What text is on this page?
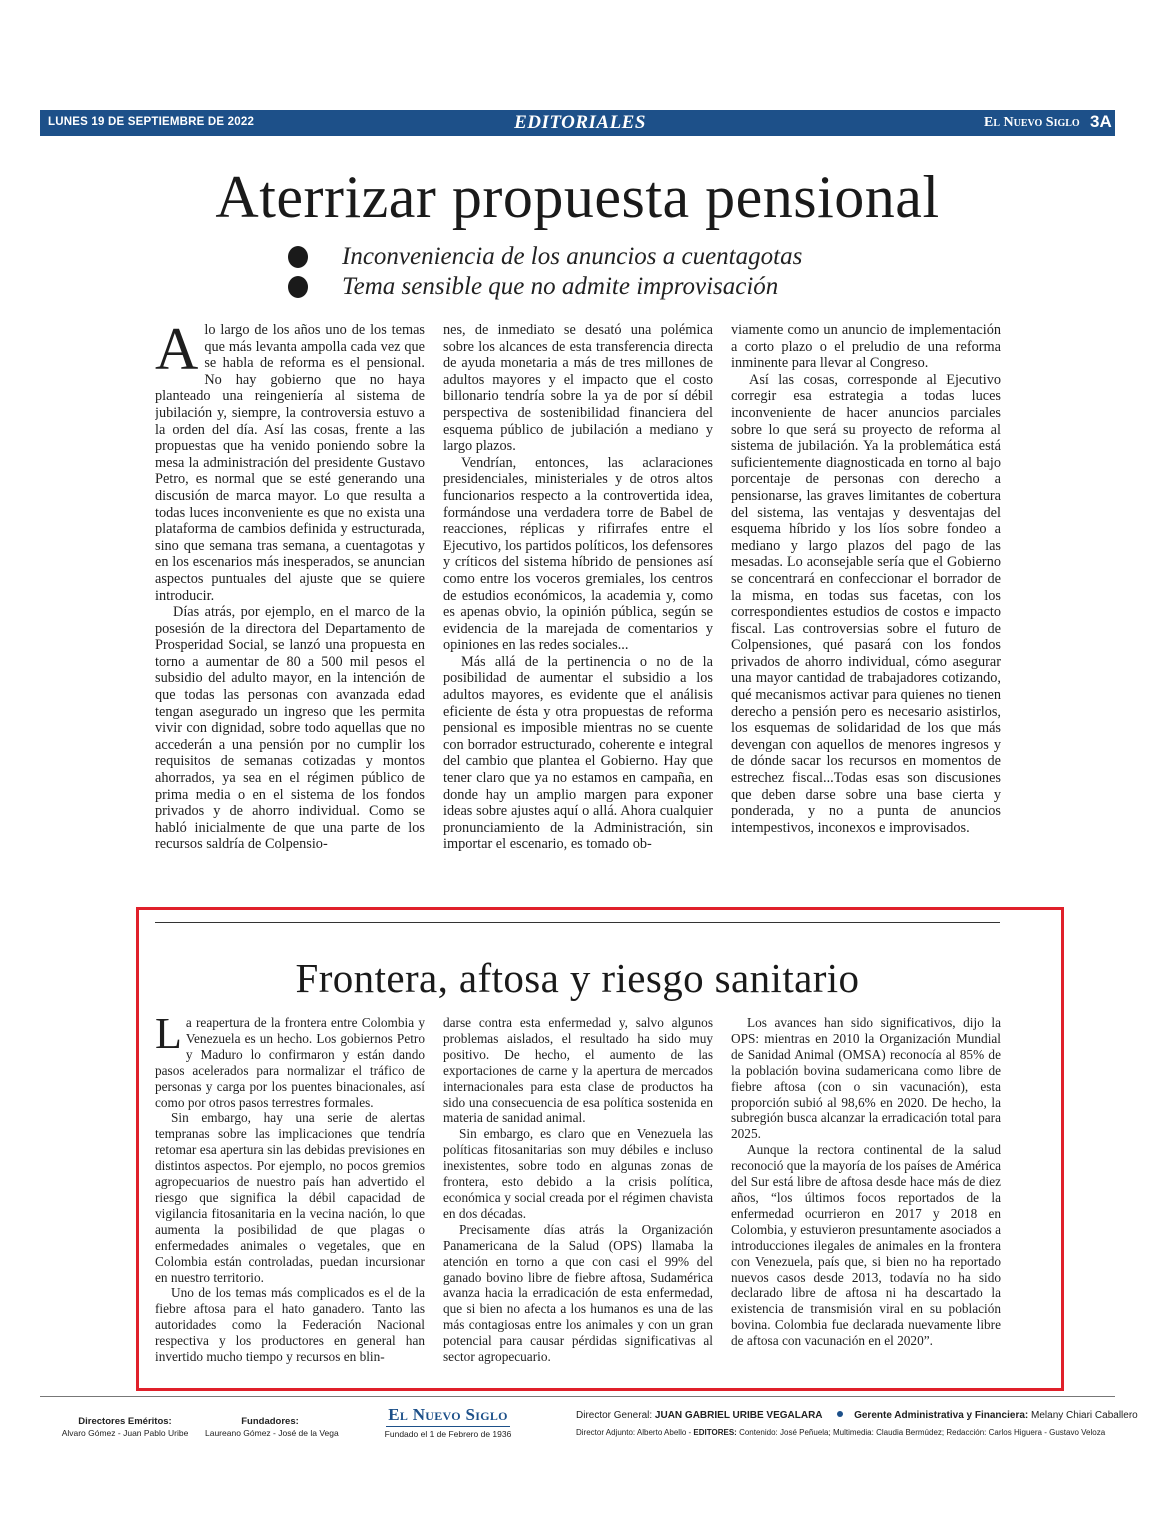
LUNES 19 DE SEPTIEMBRE DE 2022	EDITORIALES	El Nuevo Siglo 3A
Aterrizar propuesta pensional
Inconveniencia de los anuncios a cuentagotas
Tema sensible que no admite improvisación

Alo largo de los años uno de los temas que más levanta ampolla cada vez que se habla de reforma es el pensional. No hay gobierno que no haya planteado una reingeniería al sistema de jubilación y, siempre, la controversia estuvo a la orden del día. Así las cosas, frente a las propuestas que ha venido poniendo sobre la mesa la administración del presidente Gustavo Petro, es normal que se esté generando una discusión de marca mayor. Lo que resulta a todas luces inconveniente es que no exista una plataforma de cambios definida y estructurada, sino que semana tras semana, a cuentagotas y en los escenarios más inesperados, se anuncian aspectos puntuales del ajuste que se quiere introducir.

Días atrás, por ejemplo, en el marco de la posesión de la directora del Departamento de Prosperidad Social, se lanzó una propuesta en torno a aumentar de 80 a 500 mil pesos el subsidio del adulto mayor, en la intención de que todas las personas con avanzada edad tengan asegurado un ingreso que les permita vivir con dignidad, sobre todo aquellas que no accederán a una pensión por no cumplir los requisitos de semanas cotizadas y montos ahorrados, ya sea en el régimen público de prima media o en el sistema de los fondos privados y de ahorro individual. Como se habló inicialmente de que una parte de los recursos saldría de Colpensio-

nes, de inmediato se desató una polémica sobre los alcances de esta transferencia directa de ayuda monetaria a más de tres millones de adultos mayores y el impacto que el costo billonario tendría sobre la ya de por sí débil perspectiva de sostenibilidad financiera del esquema público de jubilación a mediano y largo plazos.

Vendrían, entonces, las aclaraciones presidenciales, ministeriales y de otros altos funcionarios respecto a la controvertida idea, formándose una verdadera torre de Babel de reacciones, réplicas y rifirrafes entre el Ejecutivo, los partidos políticos, los defensores y críticos del sistema híbrido de pensiones así como entre los voceros gremiales, los centros de estudios económicos, la academia y, como es apenas obvio, la opinión pública, según se evidencia de la marejada de comentarios y opiniones en las redes sociales...

Más allá de la pertinencia o no de la posibilidad de aumentar el subsidio a los adultos mayores, es evidente que el análisis eficiente de ésta y otra propuestas de reforma pensional es imposible mientras no se cuente con borrador estructurado, coherente e integral del cambio que plantea el Gobierno. Hay que tener claro que ya no estamos en campaña, en donde hay un amplio margen para exponer ideas sobre ajustes aquí o allá. Ahora cualquier pronunciamiento de la Administración, sin importar el escenario, es tomado ob-

viamente como un anuncio de implementación a corto plazo o el preludio de una reforma inminente para llevar al Congreso.

Así las cosas, corresponde al Ejecutivo corregir esa estrategia a todas luces inconveniente de hacer anuncios parciales sobre lo que será su proyecto de reforma al sistema de jubilación. Ya la problemática está suficientemente diagnosticada en torno al bajo porcentaje de personas con derecho a pensionarse, las graves limitantes de cobertura del sistema, las ventajas y desventajas del esquema híbrido y los líos sobre fondeo a mediano y largo plazos del pago de las mesadas. Lo aconsejable sería que el Gobierno se concentrará en confeccionar el borrador de la misma, en todas sus facetas, con los correspondientes estudios de costos e impacto fiscal. Las controversias sobre el futuro de Colpensiones, qué pasará con los fondos privados de ahorro individual, cómo asegurar una mayor cantidad de trabajadores cotizando, qué mecanismos activar para quienes no tienen derecho a pensión pero es necesario asistirlos, los esquemas de solidaridad de los que más devengan con aquellos de menores ingresos y de dónde sacar los recursos en momentos de estrechez fiscal...Todas esas son discusiones que deben darse sobre una base cierta y ponderada, y no a punta de anuncios intempestivos, inconexos e improvisados.

Frontera, aftosa y riesgo sanitario

La reapertura de la frontera entre Colombia y Venezuela es un hecho. Los gobiernos Petro y Maduro lo confirmaron y están dando pasos acelerados para normalizar el tráfico de personas y carga por los puentes binacionales, así como por otros pasos terrestres formales.

Sin embargo, hay una serie de alertas tempranas sobre las implicaciones que tendría retomar esa apertura sin las debidas previsiones en distintos aspectos. Por ejemplo, no pocos gremios agropecuarios de nuestro país han advertido el riesgo que significa la débil capacidad de vigilancia fitosanitaria en la vecina nación, lo que aumenta la posibilidad de que plagas o enfermedades animales o vegetales, que en Colombia están controladas, puedan incursionar en nuestro territorio.

Uno de los temas más complicados es el de la fiebre aftosa para el hato ganadero. Tanto las autoridades como la Federación Nacional respectiva y los productores en general han invertido mucho tiempo y recursos en blin-

darse contra esta enfermedad y, salvo algunos problemas aislados, el resultado ha sido muy positivo. De hecho, el aumento de las exportaciones de carne y la apertura de mercados internacionales para esta clase de productos ha sido una consecuencia de esa política sostenida en materia de sanidad animal.

Sin embargo, es claro que en Venezuela las políticas fitosanitarias son muy débiles e incluso inexistentes, sobre todo en algunas zonas de frontera, esto debido a la crisis política, económica y social creada por el régimen chavista en dos décadas.

Precisamente días atrás la Organización Panamericana de la Salud (OPS) llamaba la atención en torno a que con casi el 99% del ganado bovino libre de fiebre aftosa, Sudamérica avanza hacia la erradicación de esta enfermedad, que si bien no afecta a los humanos es una de las más contagiosas entre los animales y con un gran potencial para causar pérdidas significativas al sector agropecuario.

Los avances han sido significativos, dijo la OPS: mientras en 2010 la Organización Mundial de Sanidad Animal (OMSA) reconocía al 85% de la población bovina sudamericana como libre de fiebre aftosa (con o sin vacunación), esta proporción subió al 98,6% en 2020. De hecho, la subregión busca alcanzar la erradicación total para 2025.

Aunque la rectora continental de la salud reconoció que la mayoría de los países de América del Sur está libre de aftosa desde hace más de diez años, “los últimos focos reportados de la enfermedad ocurrieron en 2017 y 2018 en Colombia, y estuvieron presuntamente asociados a introducciones ilegales de animales en la frontera con Venezuela, país que, si bien no ha reportado nuevos casos desde 2013, todavía no ha sido declarado libre de aftosa ni ha descartado la existencia de transmisión viral en su población bovina. Colombia fue declarada nuevamente libre de aftosa con vacunación en el 2020”.

Directores Eméritos:
Alvaro Gómez - Juan Pablo Uribe
Fundadores:
Laureano Gómez - José de la Vega
El Nuevo Siglo
Fundado el 1 de Febrero de 1936
Director General: JUAN GABRIEL URIBE VEGALARA	Gerente Administrativa y Financiera: Melany Chiari Caballero
Director Adjunto: Alberto Abello - EDITORES: Contenido: José Peñuela; Multimedia: Claudia Bermúdez; Redacción: Carlos Higuera - Gustavo Veloza
